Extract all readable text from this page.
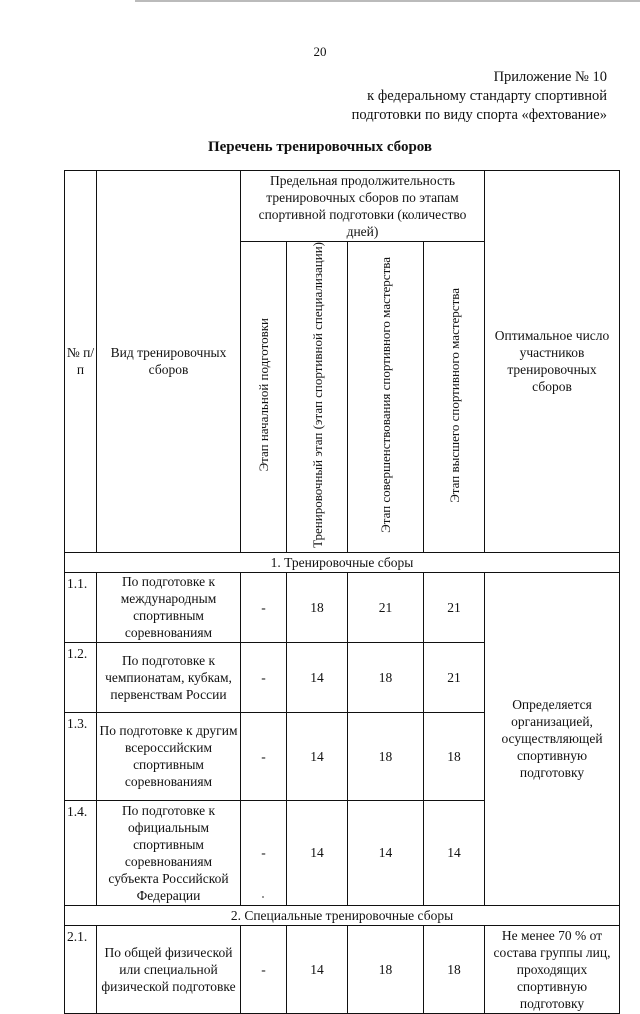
20
Приложение № 10
к федеральному стандарту спортивной
подготовки по виду спорта «фехтование»
Перечень тренировочных сборов
№ п/п	Вид тренировочных сборов	Предельная продолжительность тренировочных сборов по этапам спортивной подготовки (количество дней)				Оптимальное число участников тренировочных сборов
		Этап начальной подготовки	Тренировочный этап (этап спортивной специализации)	Этап совершенствования спортивного мастерства	Этап высшего спортивного мастерства	
1. Тренировочные сборы						
1.1.	По подготовке к международным спортивным соревнованиям	-	18	21	21	Определяется организацией, осуществляющей спортивную подготовку
1.2.	По подготовке к чемпионатам, кубкам, первенствам России	-	14	18	21	
1.3.	По подготовке к другим всероссийским спортивным соревнованиям	-	14	18	18	
1.4.	По подготовке к официальным спортивным соревнованиям субъекта Российской Федерации	-	14	14	14	
2. Специальные тренировочные сборы						
2.1.	По общей физической или специальной физической подготовке	-	14	18	18	Не менее 70 % от состава группы лиц, проходящих спортивную подготовку
